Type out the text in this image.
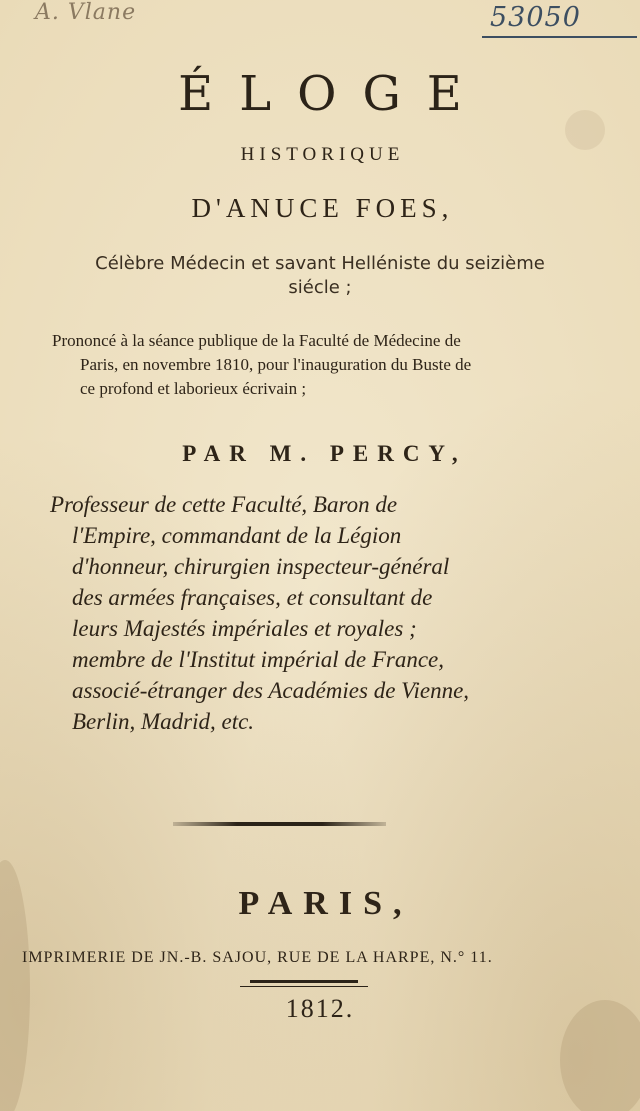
A. Vlane	53050
ÉLOGE
HISTORIQUE
D'ANUCE FOES,
Célèbre Médecin et savant Helléniste du seizième
siécle ;
Prononcé à la séance publique de la Faculté de Médecine de
Paris, en novembre 1810, pour l'inauguration du Buste de
ce profond et laborieux écrivain ;
PAR M. PERCY,
Professeur de cette Faculté, Baron de
l'Empire, commandant de la Légion
d'honneur, chirurgien inspecteur-général
des armées françaises, et consultant de
leurs Majestés impériales et royales ;
membre de l'Institut impérial de France,
associé-étranger des Académies de Vienne,
Berlin, Madrid, etc.
PARIS,
IMPRIMERIE DE JN.-B. SAJOU, RUE DE LA HARPE, N.° 11.
1812.
